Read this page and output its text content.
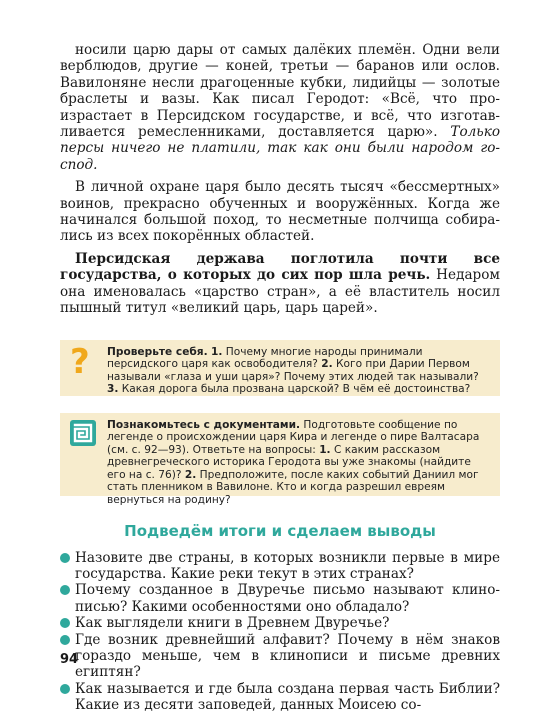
носили царю дары от самых далёких племён. Одни вели верблюдов, другие — коней, третьи — баранов или ослов. Вавилоняне несли драгоценные кубки, лидийцы — золотые браслеты и вазы. Как писал Геродот: «Всё, что произрастает в Персидском государстве, и всё, что изготавливается ремесленниками, доставляется царю». Только персы ничего не платили, так как они были народом господ.

В личной охране царя было десять тысяч «бессмертных» воинов, прекрасно обученных и вооружённых. Когда же начинался большой поход, то несметные полчища собирались из всех покорённых областей.

Персидская держава поглотила почти все государства, о которых до сих пор шла речь. Недаром она именовалась «царство стран», а её властитель носил пышный титул «великий царь, царь царей».

? Проверьте себя. 1. Почему многие народы принимали персидского царя как освободителя? 2. Кого при Дарии Первом называли «глаза и уши царя»? Почему этих людей так называли? 3. Какая дорога была прозвана царской? В чём её достоинства?
Познакомьтесь с документами. Подготовьте сообщение по легенде о происхождении царя Кира и легенде о пире Валтасара (см. с. 92—93). Ответьте на вопросы: 1. С каким рассказом древнегреческого историка Геродота вы уже знакомы (найдите его на с. 76)? 2. Предположите, после каких событий Даниил мог стать пленником в Вавилоне. Кто и когда разрешил евреям вернуться на родину?
Подведём итоги и сделаем выводы
Назовите две страны, в которых возникли первые в мире государства. Какие реки текут в этих странах?
Почему созданное в Двуречье письмо называют клинописью? Какими особенностями оно обладало?
Как выглядели книги в Древнем Двуречье?
Где возник древнейший алфавит? Почему в нём знаков гораздо меньше, чем в клинописи и письме древних египтян?
Как называется и где была создана первая часть Библии? Какие из десяти заповедей, данных Моисею со-
94
